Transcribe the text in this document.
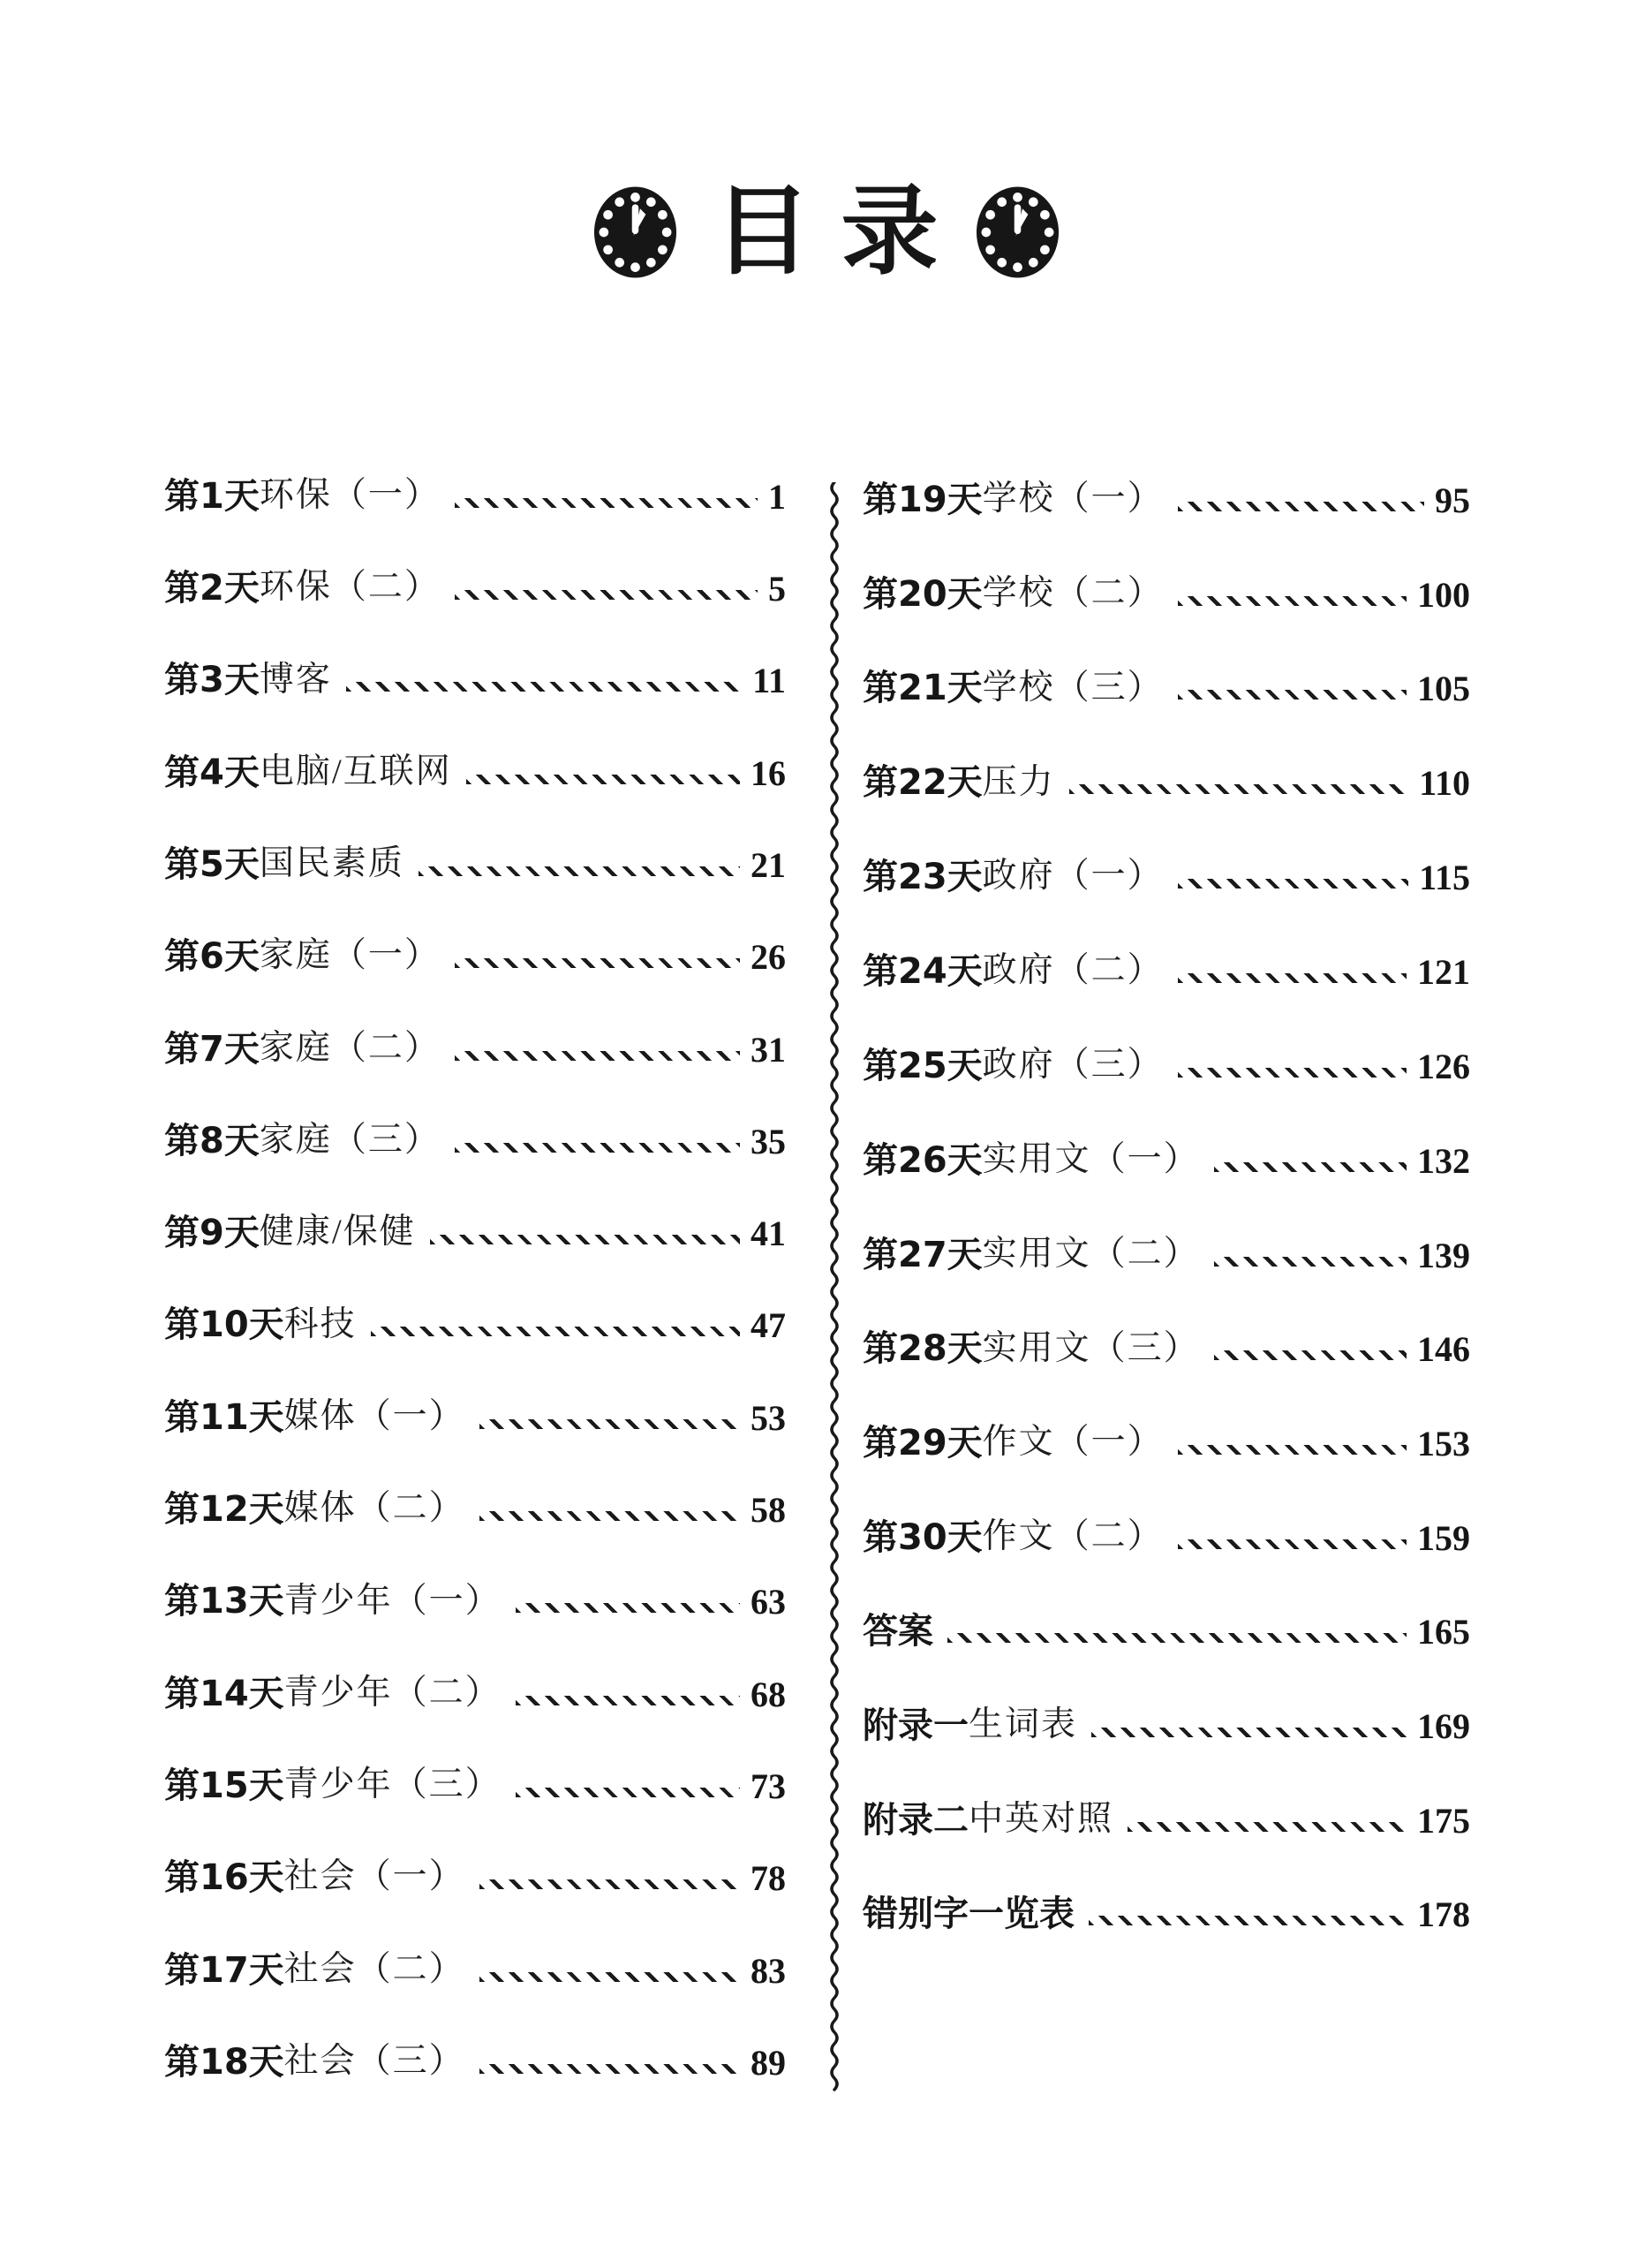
目录
第1天 环保（一）	1
第2天 环保（二）	5
第3天 博客	11
第4天 电脑/互联网	16
第5天 国民素质	21
第6天 家庭（一）	26
第7天 家庭（二）	31
第8天 家庭（三）	35
第9天 健康/保健	41
第10天 科技	47
第11天 媒体（一）	53
第12天 媒体（二）	58
第13天 青少年（一）	63
第14天 青少年（二）	68
第15天 青少年（三）	73
第16天 社会（一）	78
第17天 社会（二）	83
第18天 社会（三）	89
第19天 学校（一）	95
第20天 学校（二）	100
第21天 学校（三）	105
第22天 压力	110
第23天 政府（一）	115
第24天 政府（二）	121
第25天 政府（三）	126
第26天 实用文（一）	132
第27天 实用文（二）	139
第28天 实用文（三）	146
第29天 作文（一）	153
第30天 作文（二）	159
答案	165
附录一 生词表	169
附录二 中英对照	175
错别字一览表	178
